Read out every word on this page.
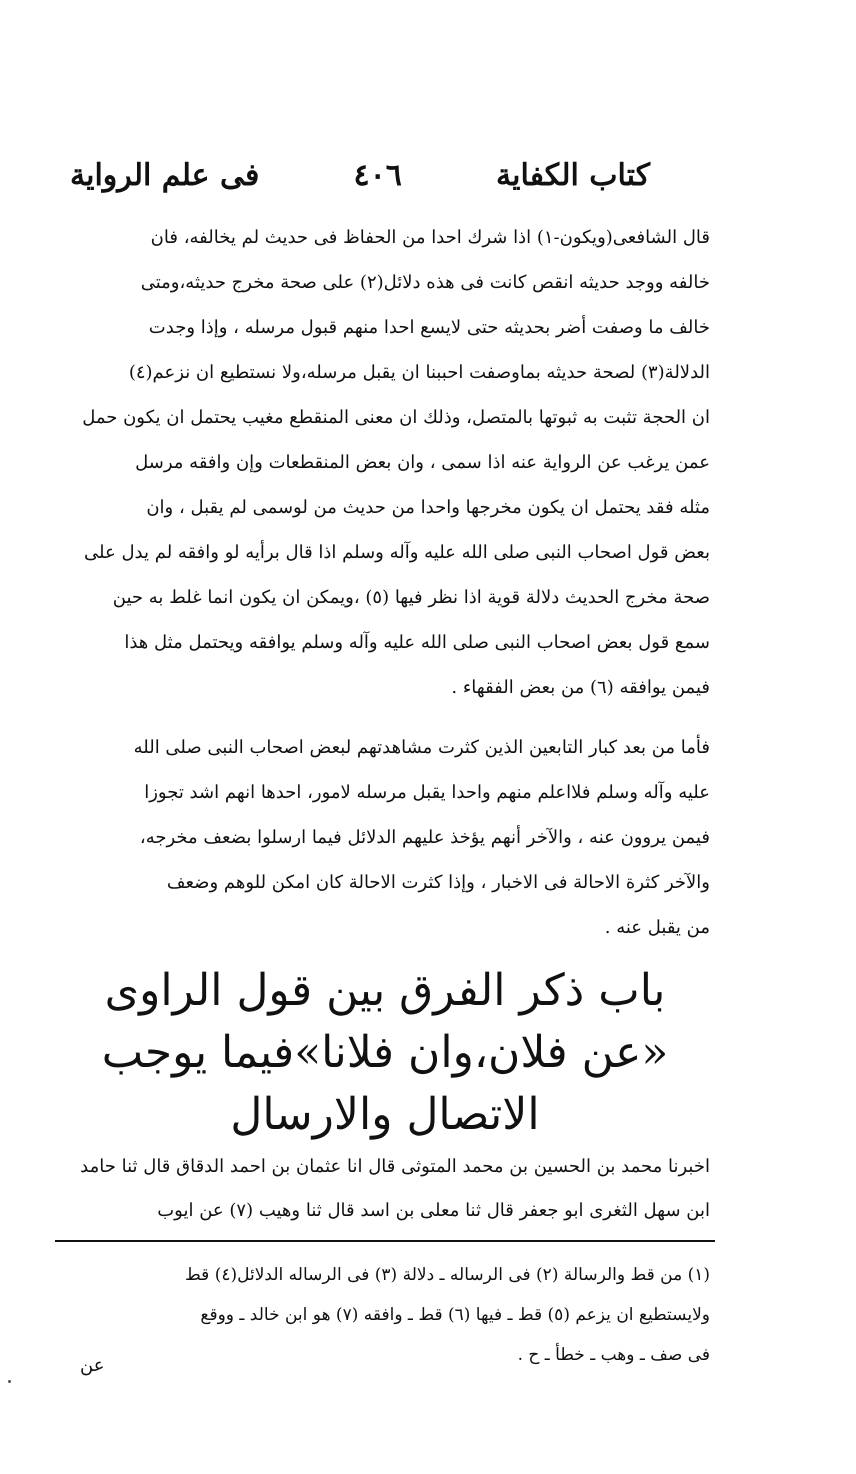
كتاب الكفاية
٤٠٦
فى علم الرواية
قال الشافعى(ويكون-١) اذا شرك احدا من الحفاظ فى حديث لم يخالفه، فان
خالفه ووجد حديثه انقص كانت فى هذه دلائل(٢) على صحة مخرج حديثه،ومتى
خالف ما وصفت أضر بحديثه حتى لايسع احدا منهم قبول مرسله ، وإذا وجدت
الدلالة(٣) لصحة حديثه بماوصفت احببنا ان يقبل مرسله،ولا نستطيع ان نزعم(٤)
ان الحجة تثبت به ثبوتها بالمتصل، وذلك ان معنى المنقطع مغيب يحتمل ان يكون حمل
عمن يرغب عن الرواية عنه اذا سمى ، وان بعض المنقطعات وإن وافقه مرسل
مثله فقد يحتمل ان يكون مخرجها واحدا من حديث من لوسمى لم يقبل ، وان
بعض قول اصحاب النبى صلى الله عليه وآله وسلم اذا قال برأيه لو وافقه لم يدل على
صحة مخرج الحديث دلالة قوية اذا نظر فيها (٥) ،ويمكن ان يكون انما غلط به حين
سمع قول بعض اصحاب النبى صلى الله عليه وآله وسلم يوافقه ويحتمل مثل هذا
فيمن يوافقه (٦) من بعض الفقهاء .
فأما من بعد كبار التابعين الذين كثرت مشاهدتهم لبعض اصحاب النبى صلى الله
عليه وآله وسلم فلااعلم منهم واحدا يقبل مرسله لامور، احدها انهم اشد تجوزا
فيمن يروون عنه ، والآخر أنهم يؤخذ عليهم الدلائل فيما ارسلوا بضعف مخرجه،
والآخر كثرة الاحالة فى الاخبار ، وإذا كثرت الاحالة كان امكن للوهم وضعف
من يقبل عنه .
باب ذكر الفرق بين قول الراوى
«عن فلان،وان فلانا»فيما يوجب
الاتصال والارسال
اخبرنا محمد بن الحسين بن محمد المتوثى قال انا عثمان بن احمد الدقاق قال ثنا حامد
ابن سهل الثغرى ابو جعفر قال ثنا معلى بن اسد قال ثنا وهيب (٧) عن ايوب
(١) من قط والرسالة (٢) فى الرساله ـ دلالة (٣) فى الرساله الدلائل(٤) قط
ولايستطيع ان يزعم (٥) قط ـ فيها (٦) قط ـ وافقه (٧) هو ابن خالد ـ ووقع
فى صف ـ وهب ـ خطأ ـ ح .
عن
